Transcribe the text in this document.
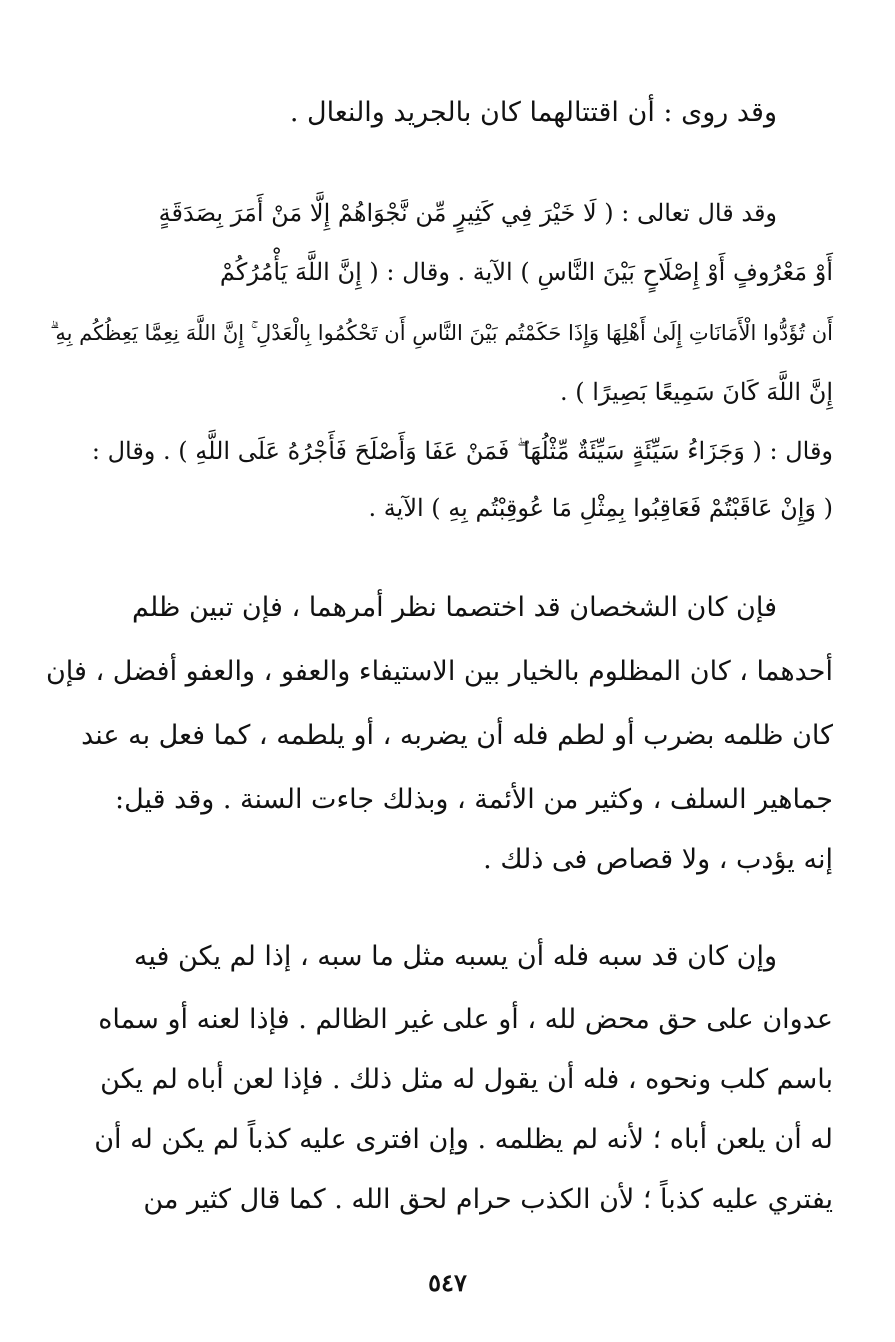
وقد روى : أن اقتتالهما كان بالجريد والنعال .
وقد قال تعالى : ( لَا خَيْرَ فِي كَثِيرٍ مِّن نَّجْوَاهُمْ إِلَّا مَنْ أَمَرَ بِصَدَقَةٍ
أَوْ مَعْرُوفٍ أَوْ إِصْلَاحٍ بَيْنَ النَّاسِ ) الآية . وقال : ( إِنَّ اللَّهَ يَأْمُرُكُمْ
أَن تُؤَدُّوا الْأَمَانَاتِ إِلَىٰ أَهْلِهَا وَإِذَا حَكَمْتُم بَيْنَ النَّاسِ أَن تَحْكُمُوا بِالْعَدْلِ ۚ إِنَّ اللَّهَ نِعِمَّا يَعِظُكُم بِهِ ۗ
إِنَّ اللَّهَ كَانَ سَمِيعًا بَصِيرًا ) .
وقال : ( وَجَزَاءُ سَيِّئَةٍ سَيِّئَةٌ مِّثْلُهَا ۖ فَمَنْ عَفَا وَأَصْلَحَ فَأَجْرُهُ عَلَى اللَّهِ ) . وقال :
( وَإِنْ عَاقَبْتُمْ فَعَاقِبُوا بِمِثْلِ مَا عُوقِبْتُم بِهِ ) الآية .
فإن كان الشخصان قد اختصما نظر أمرهما ، فإن تبين ظلم
أحدهما ، كان المظلوم بالخيار بين الاستيفاء والعفو ، والعفو أفضل ، فإن
كان ظلمه بضرب أو لطم فله أن يضربه ، أو يلطمه ، كما فعل به عند
جماهير السلف ، وكثير من الأئمة ، وبذلك جاءت السنة . وقد قيل:
إنه يؤدب ، ولا قصاص فى ذلك .
وإن كان قد سبه فله أن يسبه مثل ما سبه ، إذا لم يكن فيه
عدوان على حق محض لله ، أو على غير الظالم . فإذا لعنه أو سماه
باسم كلب ونحوه ، فله أن يقول له مثل ذلك . فإذا لعن أباه لم يكن
له أن يلعن أباه ؛ لأنه لم يظلمه . وإن افترى عليه كذباً لم يكن له أن
يفتري عليه كذباً ؛ لأن الكذب حرام لحق الله . كما قال كثير من
٥٤٧
